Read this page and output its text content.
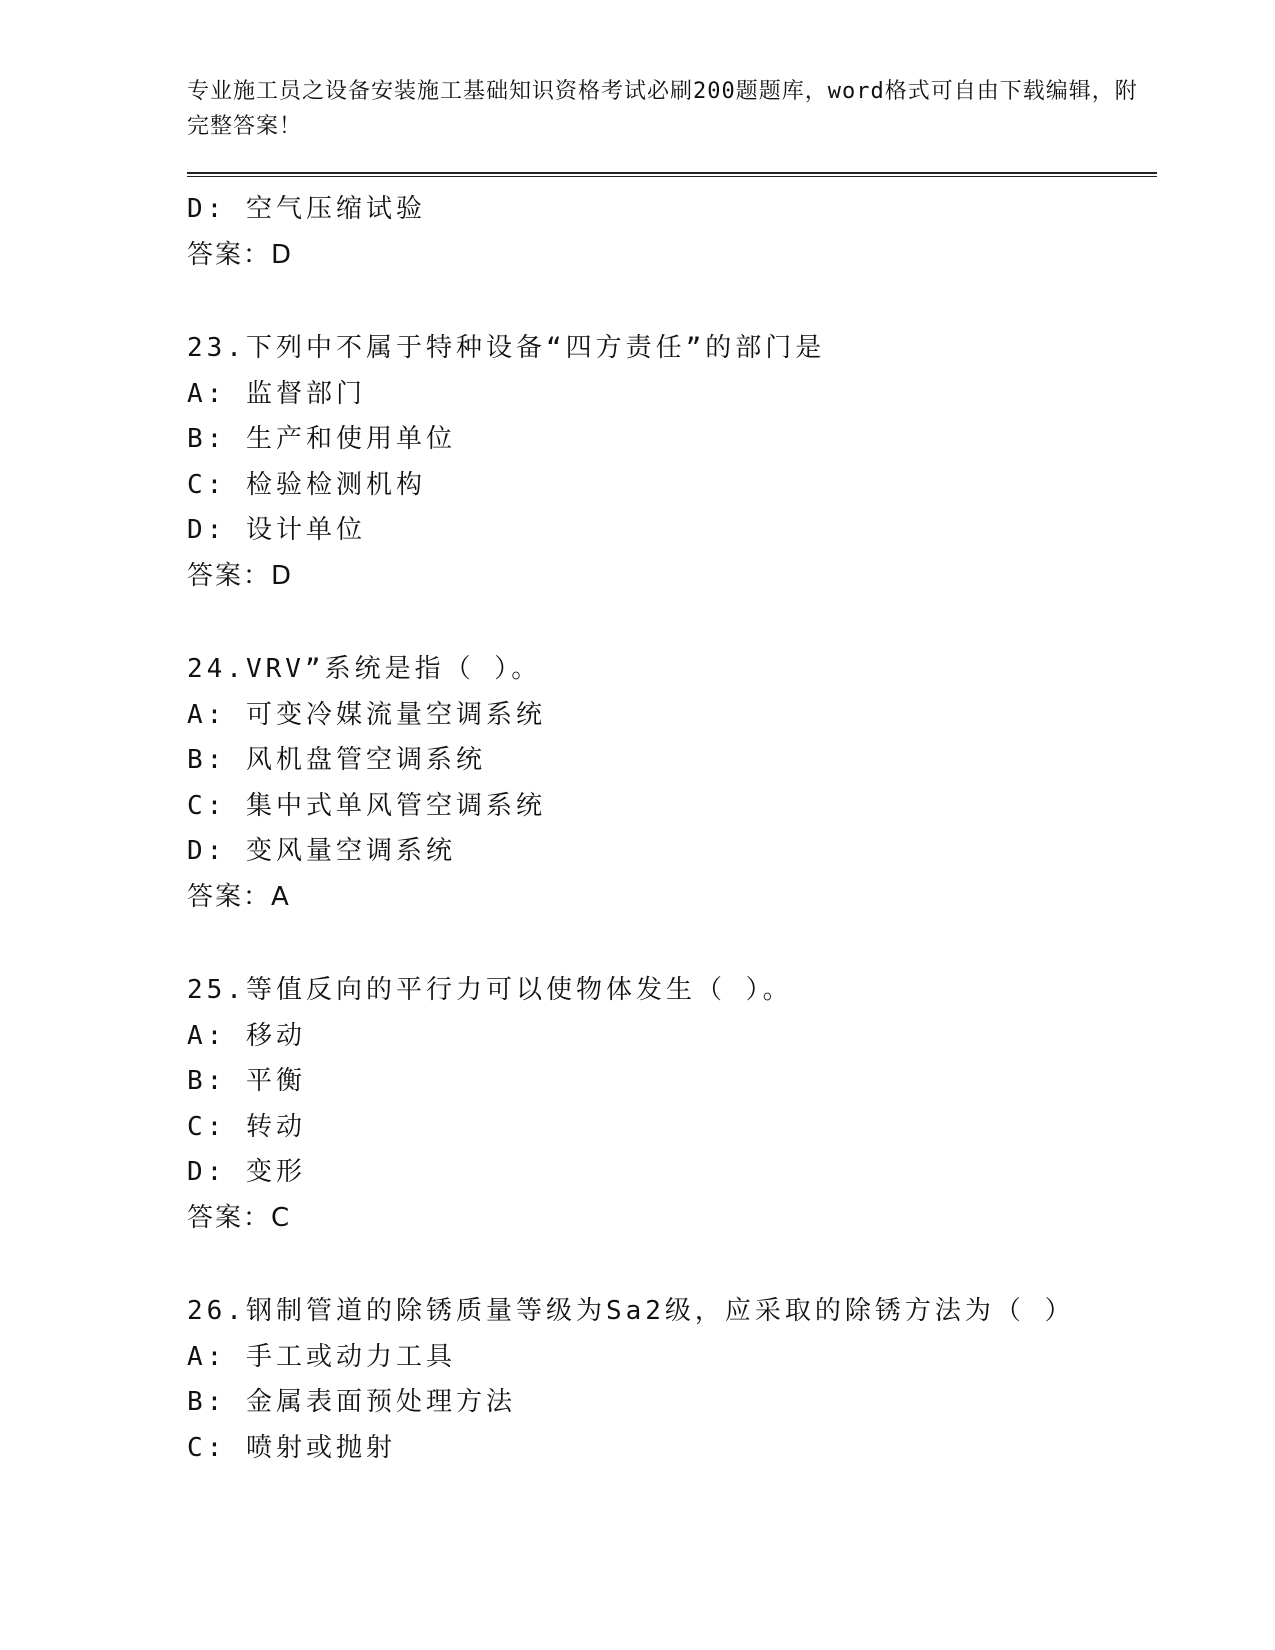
专业施工员之设备安装施工基础知识资格考试必刷200题题库，word格式可自由下载编辑，附完整答案！
D: 空气压缩试验
答案：D
23.下列中不属于特种设备“四方责任”的部门是
A: 监督部门
B: 生产和使用单位
C: 检验检测机构
D: 设计单位
答案：D
24.VRV”系统是指（ ）。
A: 可变冷媒流量空调系统
B: 风机盘管空调系统
C: 集中式单风管空调系统
D: 变风量空调系统
答案：A
25.等值反向的平行力可以使物体发生（ ）。
A: 移动
B: 平衡
C: 转动
D: 变形
答案：C
26.钢制管道的除锈质量等级为Sa2级，应采取的除锈方法为（ ）
A: 手工或动力工具
B: 金属表面预处理方法
C: 喷射或抛射
